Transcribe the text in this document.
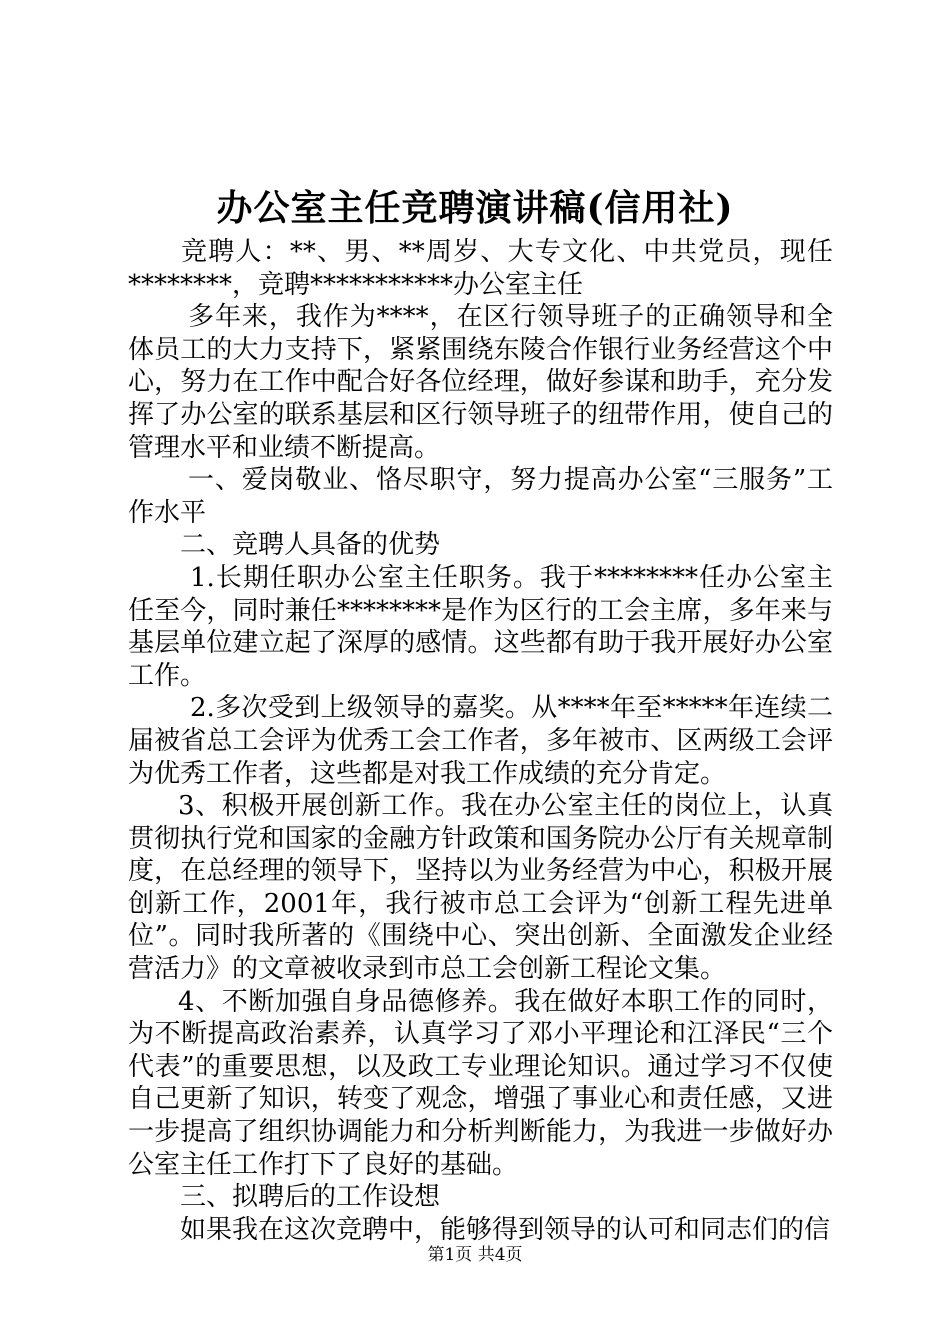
办公室主任竞聘演讲稿(信用社)

竞聘人：**、男、**周岁、大专文化、中共党员，现任********，竞聘***********办公室主任

多年来，我作为****，在区行领导班子的正确领导和全体员工的大力支持下，紧紧围绕东陵合作银行业务经营这个中心，努力在工作中配合好各位经理，做好参谋和助手，充分发挥了办公室的联系基层和区行领导班子的纽带作用，使自己的管理水平和业绩不断提高。

一、爱岗敬业、恪尽职守，努力提高办公室“三服务”工作水平

二、竞聘人具备的优势

1.长期任职办公室主任职务。我于********任办公室主任至今，同时兼任********是作为区行的工会主席，多年来与基层单位建立起了深厚的感情。这些都有助于我开展好办公室工作。

2.多次受到上级领导的嘉奖。从****年至*****年连续二届被省总工会评为优秀工会工作者，多年被市、区两级工会评为优秀工作者，这些都是对我工作成绩的充分肯定。

3、积极开展创新工作。我在办公室主任的岗位上，认真贯彻执行党和国家的金融方针政策和国务院办公厅有关规章制度，在总经理的领导下，坚持以为业务经营为中心，积极开展创新工作，2001年，我行被市总工会评为“创新工程先进单位”。同时我所著的《围绕中心、突出创新、全面激发企业经营活力》的文章被收录到市总工会创新工程论文集。

4、不断加强自身品德修养。我在做好本职工作的同时，为不断提高政治素养，认真学习了邓小平理论和江泽民“三个代表”的重要思想，以及政工专业理论知识。通过学习不仅使自己更新了知识，转变了观念，增强了事业心和责任感，又进一步提高了组织协调能力和分析判断能力，为我进一步做好办公室主任工作打下了良好的基础。

三、拟聘后的工作设想

如果我在这次竞聘中，能够得到领导的认可和同志们的信

第1页 共4页
